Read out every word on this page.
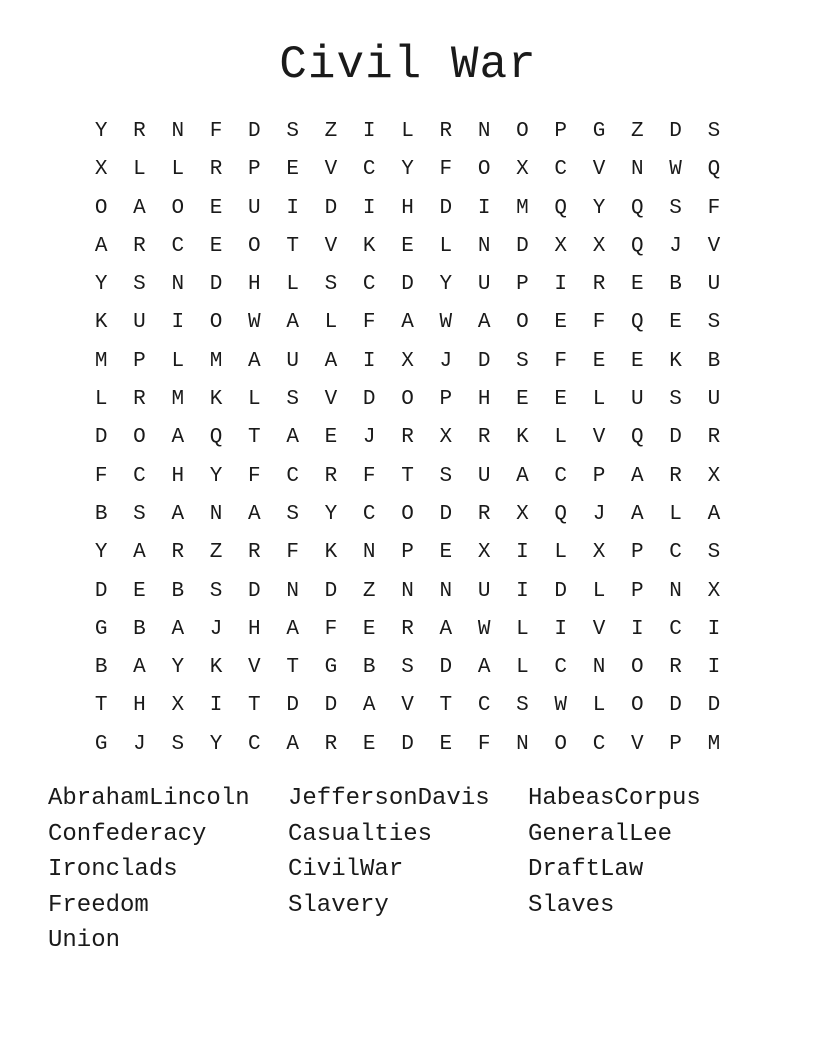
Civil War
Y	R	N	F	D	S	Z	I	L	R	N	O	P	G	Z	D	S
X	L	L	R	P	E	V	C	Y	F	O	X	C	V	N	W	Q
O	A	O	E	U	I	D	I	H	D	I	M	Q	Y	Q	S	F
A	R	C	E	O	T	V	K	E	L	N	D	X	X	Q	J	V
Y	S	N	D	H	L	S	C	D	Y	U	P	I	R	E	B	U
K	U	I	O	W	A	L	F	A	W	A	O	E	F	Q	E	S
M	P	L	M	A	U	A	I	X	J	D	S	F	E	E	K	B
L	R	M	K	L	S	V	D	O	P	H	E	E	L	U	S	U
D	O	A	Q	T	A	E	J	R	X	R	K	L	V	Q	D	R
F	C	H	Y	F	C	R	F	T	S	U	A	C	P	A	R	X
B	S	A	N	A	S	Y	C	O	D	R	X	Q	J	A	L	A
Y	A	R	Z	R	F	K	N	P	E	X	I	L	X	P	C	S
D	E	B	S	D	N	D	Z	N	N	U	I	D	L	P	N	X
G	B	A	J	H	A	F	E	R	A	W	L	I	V	I	C	I
B	A	Y	K	V	T	G	B	S	D	A	L	C	N	O	R	I
T	H	X	I	T	D	D	A	V	T	C	S	W	L	O	D	D
G	J	S	Y	C	A	R	E	D	E	F	N	O	C	V	P	M
AbrahamLincoln	JeffersonDavis	HabeasCorpus
Confederacy	Casualties	GeneralLee
Ironclads	CivilWar	DraftLaw
Freedom	Slavery	Slaves
Union
